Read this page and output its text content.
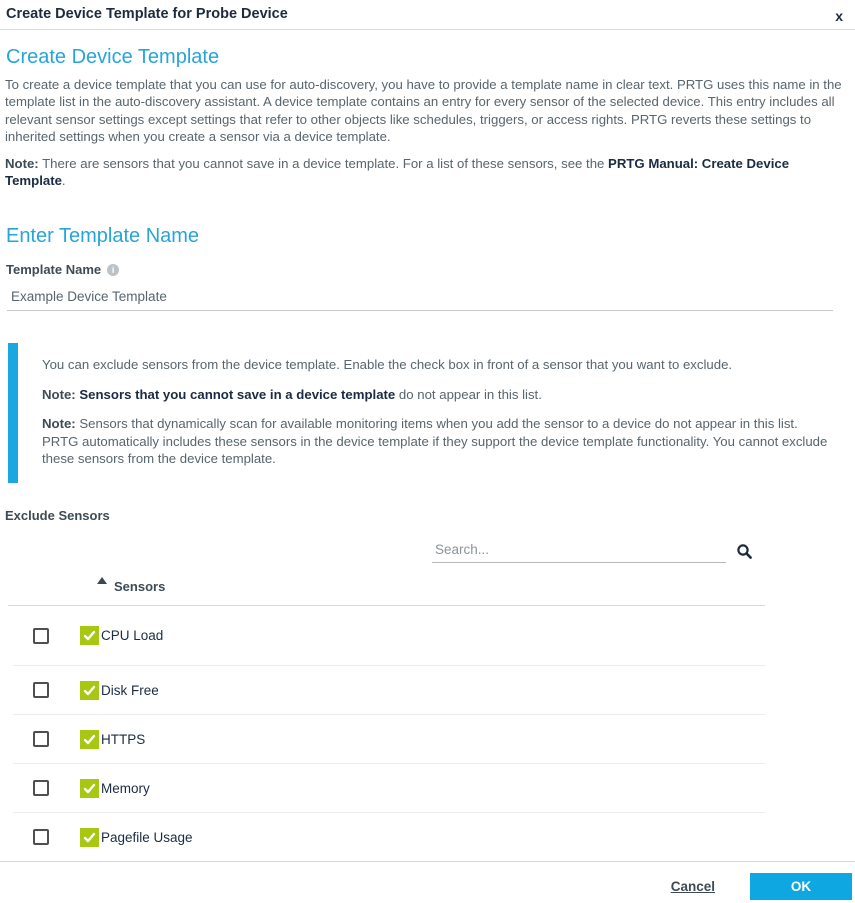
Create Device Template for Probe Device	x
Create Device Template

To create a device template that you can use for auto-discovery, you have to provide a template name in clear text. PRTG uses this name in the template list in the auto-discovery assistant. A device template contains an entry for every sensor of the selected device. This entry includes all relevant sensor settings except settings that refer to other objects like schedules, triggers, or access rights. PRTG reverts these settings to inherited settings when you create a sensor via a device template.

Note: There are sensors that you cannot save in a device template. For a list of these sensors, see the PRTG Manual: Create Device Template.

Enter Template Name
Template Name	i
Example Device Template

You can exclude sensors from the device template. Enable the check box in front of a sensor that you want to exclude.

Note: Sensors that you cannot save in a device template do not appear in this list.

Note: Sensors that dynamically scan for available monitoring items when you add the sensor to a device do not appear in this list. PRTG automatically includes these sensors in the device template if they support the device template functionality. You cannot exclude these sensors from the device template.

Exclude Sensors
Search...
Sensors
CPU Load
Disk Free
HTTPS
Memory
Pagefile Usage
Cancel	OK
